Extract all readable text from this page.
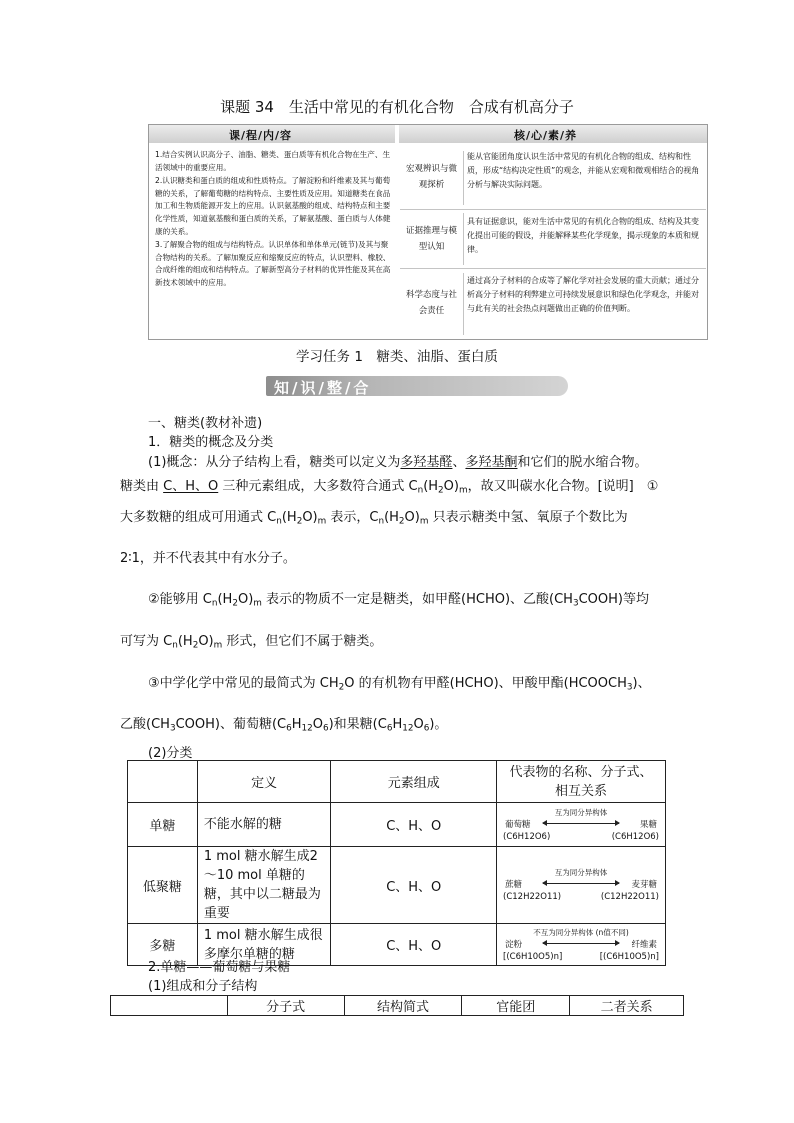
课题 34　生活中常见的有机化合物　合成有机高分子
课/程/内/容	核/心/素/养

1.结合实例认识高分子、油脂、糖类、蛋白质等有机化合物在生产、生活领域中的重要应用。

2.认识糖类和蛋白质的组成和性质特点。了解淀粉和纤维素及其与葡萄糖的关系，了解葡萄糖的结构特点、主要性质及应用。知道糖类在食品加工和生物质能源开发上的应用。认识氨基酸的组成、结构特点和主要化学性质，知道氨基酸和蛋白质的关系，了解氨基酸、蛋白质与人体健康的关系。

3.了解聚合物的组成与结构特点。认识单体和单体单元(链节)及其与聚合物结构的关系。了解加聚反应和缩聚反应的特点，认识塑料、橡胶、合成纤维的组成和结构特点。了解新型高分子材料的优异性能及其在高新技术领域中的应用。

宏观辨识与微观探析
能从官能团角度认识生活中常见的有机化合物的组成、结构和性质，形成“结构决定性质”的观念，并能从宏观和微观相结合的视角分析与解决实际问题。
证据推理与模型认知
具有证据意识，能对生活中常见的有机化合物的组成、结构及其变化提出可能的假设，并能解释某些化学现象，揭示现象的本质和规律。
科学态度与社会责任
通过高分子材料的合成等了解化学对社会发展的重大贡献；通过分析高分子材料的利弊建立可持续发展意识和绿色化学观念，并能对与此有关的社会热点问题做出正确的价值判断。
学习任务 1　糖类、油脂、蛋白质
知/识/整/合
一、糖类(教材补遗)
1．糖类的概念及分类
(1)概念：从分子结构上看，糖类可以定义为多羟基醛、多羟基酮和它们的脱水缩合物。
糖类由 C、H、O 三种元素组成，大多数符合通式 $C_n(H_2O)_m$，故又叫碳水化合物。[说明]　①
大多数糖的组成可用通式 $C_n(H_2O)_m$ 表示，$C_n(H_2O)_m$ 只表示糖类中氢、氧原子个数比为
2∶1，并不代表其中有水分子。
②能够用 $C_n(H_2O)_m$ 表示的物质不一定是糖类，如甲醛(HCHO)、乙酸$(CH_3COOH)$等均
可写为 $C_n(H_2O)_m$ 形式，但它们不属于糖类。
③中学化学中常见的最简式为 $CH_2O$ 的有机物有甲醛(HCHO)、甲酸甲酯$(HCOOCH_3)$、
乙酸$(CH_3COOH)$、葡萄糖$(C_6H_{12}O_6)$和果糖$(C_6H_{12}O_6)$。
(2)分类
	定义	元素组成	代表物的名称、分子式、相互关系
单糖	不能水解的糖	C、H、O	葡萄糖
互为同分异构体
果糖
(C6H12O6) (C6H12O6)

低聚糖	1 mol 糖水解生成2～10 mol 单糖的糖，其中以二糖最为重要	C、H、O	蔗糖
互为同分异构体
麦芽糖
(C12H22O11) (C12H22O11)

多糖	1 mol 糖水解生成很多摩尔单糖的糖	C、H、O	淀粉
不互为同分异构体 (n值不同)
纤维素
[(C6H10O5)n] [(C6H10O5)n]
2.单糖——葡萄糖与果糖
(1)组成和分子结构
	分子式	结构简式	官能团	二者关系
